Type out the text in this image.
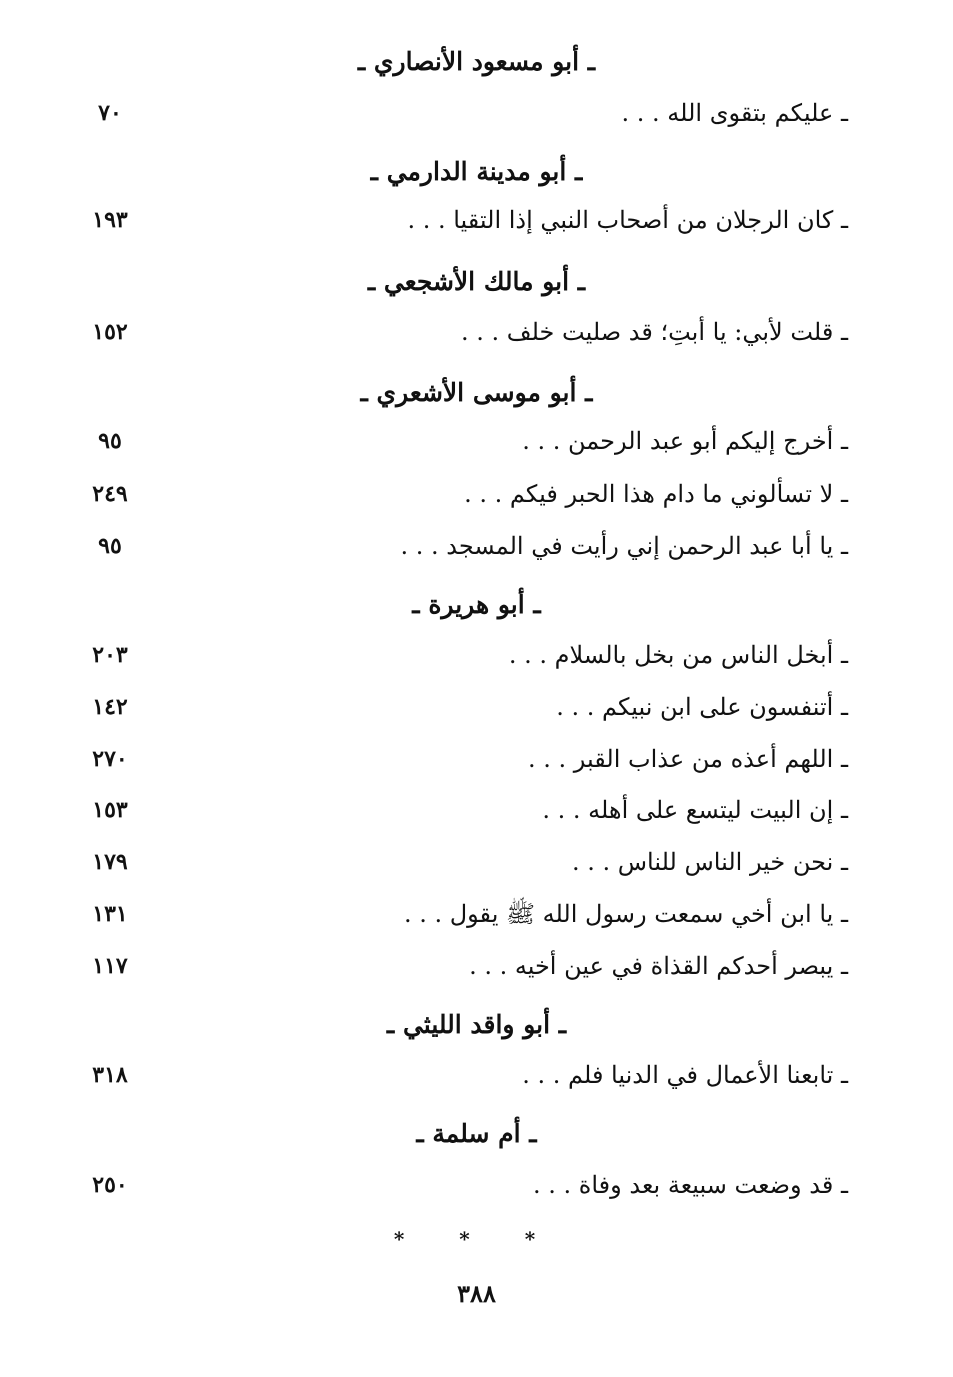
ـ أبو مسعود الأنصاري ـ
ـ عليكم بتقوى الله . . .
٧٠
ـ أبو مدينة الدارمي ـ
ـ كان الرجلان من أصحاب النبي إذا التقيا . . .
١٩٣
ـ أبو مالك الأشجعي ـ
ـ قلت لأبي: يا أبتِ؛ قد صليت خلف . . .
١٥٢
ـ أبو موسى الأشعري ـ
ـ أخرج إليكم أبو عبد الرحمن . . .
٩٥
ـ لا تسألوني ما دام هذا الحبر فيكم . . .
٢٤٩
ـ يا أبا عبد الرحمن إني رأيت في المسجد . . .
٩٥
ـ أبو هريرة ـ
ـ أبخل الناس من بخل بالسلام . . .
٢٠٣
ـ أتنفسون على ابن نبيكم . . .
١٤٢
ـ اللهم أعذه من عذاب القبر . . .
٢٧٠
ـ إن البيت ليتسع على أهله . . .
١٥٣
ـ نحن خير الناس للناس . . .
١٧٩
ـ يا ابن أخي سمعت رسول الله ﷺ يقول . . .
١٣١
ـ يبصر أحدكم القذاة في عين أخيه . . .
١١٧
ـ أبو واقد الليثي ـ
ـ تابعنا الأعمال في الدنيا فلم . . .
٣١٨
ـ أم سلمة ـ
ـ قد وضعت سبيعة بعد وفاة . . .
٢٥٠
* * *
٣٨٨
